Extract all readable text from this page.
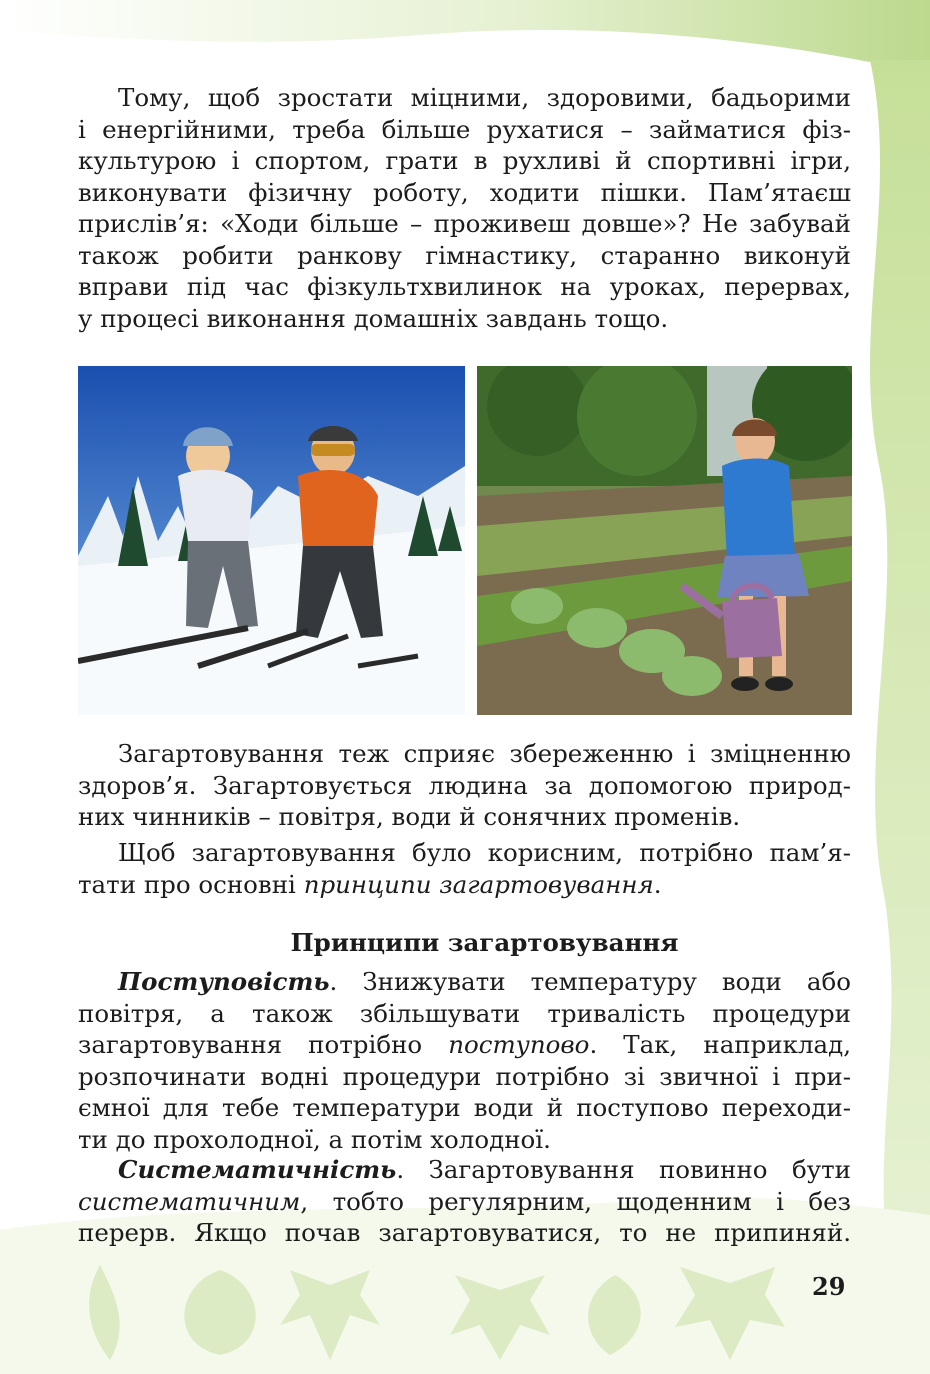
Тому, щоб зростати міцними, здоровими, бадьорими
і енергійними, треба більше рухатися – займатися фіз-
культурою і спортом, грати в рухливі й спортивні ігри,
виконувати фізичну роботу, ходити пішки. Пам’ятаєш
прислів’я: «Ходи більше – проживеш довше»? Не забувай
також робити ранкову гімнастику, старанно виконуй
вправи під час фізкультхвилинок на уроках, перервах,
у процесі виконання домашніх завдань тощо.

Загартовування теж сприяє збереженню і зміцненню
здоров’я. Загартовується людина за допомогою природ-
них чинників – повітря, води й сонячних променів.

Щоб загартовування було корисним, потрібно пам’я-
тати про основні принципи загартовування.

Принципи загартовування

Поступовість. Знижувати температуру води або
повітря, а також збільшувати тривалість процедури
загартовування потрібно поступово. Так, наприклад,
розпочинати водні процедури потрібно зі звичної і при-
ємної для тебе температури води й поступово переходи-
ти до прохолодної, а потім холодної.

Систематичність. Загартовування повинно бути
систематичним, тобто регулярним, щоденним і без
перерв. Якщо почав загартовуватися, то не припиняй.

29
